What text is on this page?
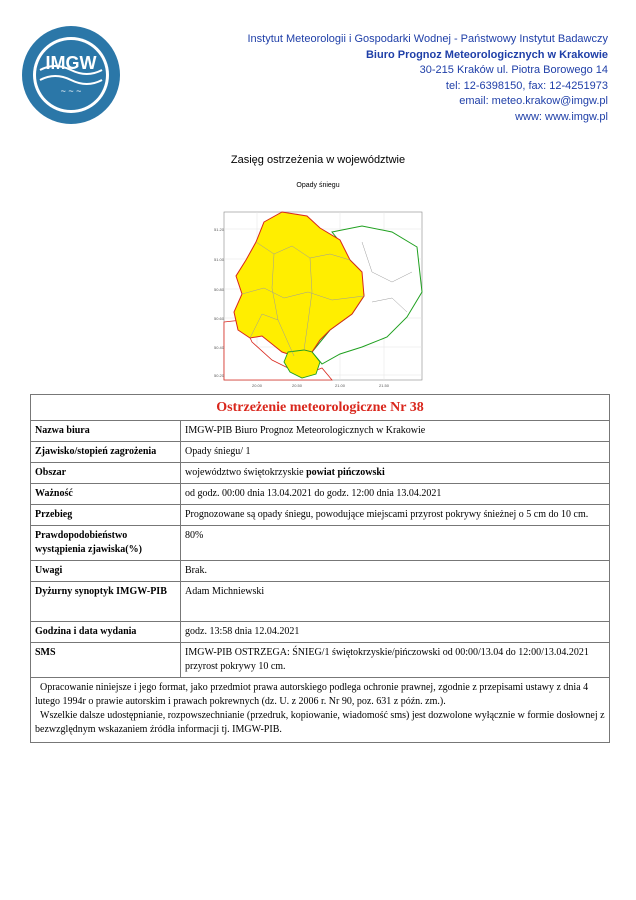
IMGW
~ ~ ~
Instytut Meteorologii i Gospodarki Wodnej - Państwowy Instytut Badawczy
Biuro Prognoz Meteorologicznych w Krakowie
30-215 Kraków ul. Piotra Borowego 14
tel: 12-6398150, fax: 12-4251973
email: meteo.krakow@imgw.pl
www: www.imgw.pl
Zasięg ostrzeżenia w województwie
Opady śniegu
51.20
51.00
50.80
50.60
50.40
50.20
20.00	20.50	21.00	21.50
Ostrzeżenie meteorologiczne Nr 38
Nazwa biura	IMGW-PIB Biuro Prognoz Meteorologicznych w Krakowie
Zjawisko/stopień zagrożenia	Opady śniegu/ 1
Obszar	województwo świętokrzyskie powiat pińczowski
Ważność	od godz. 00:00 dnia 13.04.2021 do godz. 12:00 dnia 13.04.2021
Przebieg	Prognozowane są opady śniegu, powodujące miejscami przyrost pokrywy śnieżnej o 5 cm do 10 cm.
Prawdopodobieństwo wystąpienia zjawiska(%)	80%
Uwagi	Brak.
Dyżurny synoptyk IMGW-PIB	Adam Michniewski
Godzina i data wydania	godz. 13:58 dnia 12.04.2021
SMS	IMGW-PIB OSTRZEGA: ŚNIEG/1 świętokrzyskie/pińczowski od 00:00/13.04 do 12:00/13.04.2021 przyrost pokrywy 10 cm.

Opracowanie niniejsze i jego format, jako przedmiot prawa autorskiego podlega ochronie prawnej, zgodnie z przepisami ustawy z dnia 4 lutego 1994r o prawie autorskim i prawach pokrewnych (dz. U. z 2006 r. Nr 90, poz. 631 z późn. zm.).

Wszelkie dalsze udostępnianie, rozpowszechnianie (przedruk, kopiowanie, wiadomość sms) jest dozwolone wyłącznie w formie dosłownej z bezwzględnym wskazaniem źródła informacji tj. IMGW-PIB.
